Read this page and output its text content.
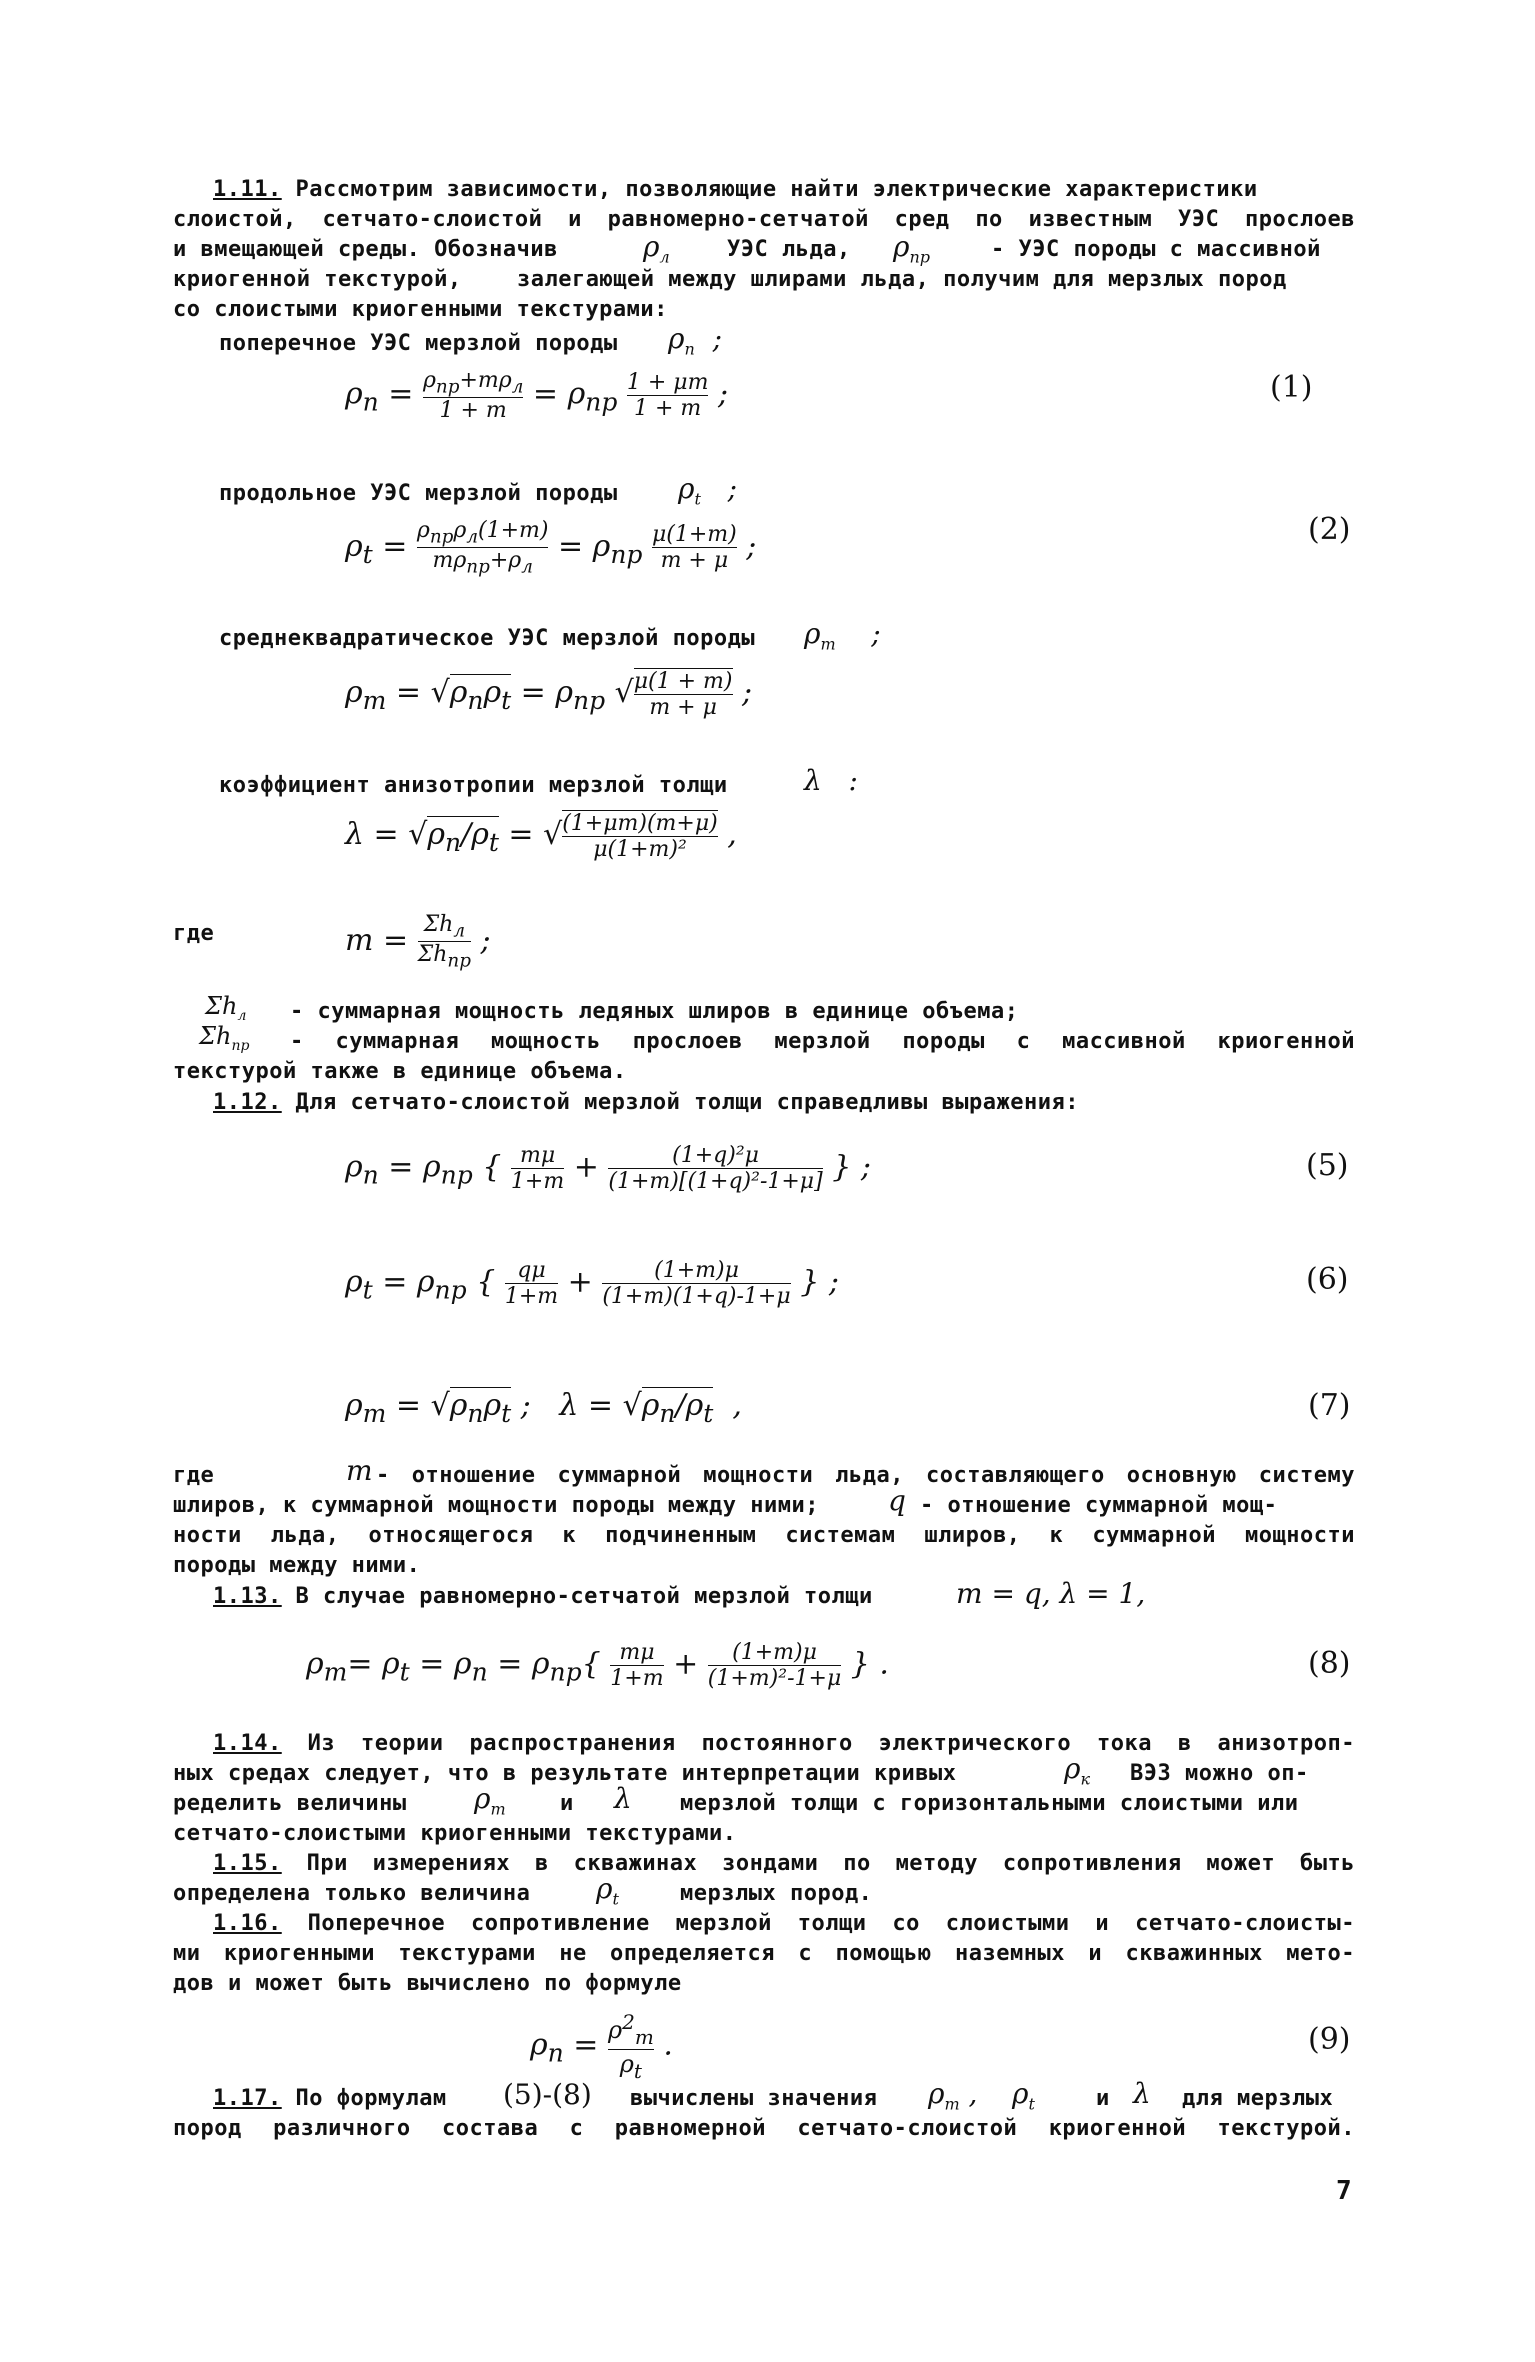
1.11. Рассмотрим зависимости, позволяющие найти электрические характеристики
слоистой, сетчато-слоистой и равномерно-сетчатой сред по известным УЭС прослоев
и вмещающей среды. Обозначив	$\rho_л$	УЭС льда, $\rho_{пр}$	- УЭС породы с массивной
криогенной текстурой,	залегающей между шлирами льда, получим для мерзлых пород
со слоистыми криогенными текстурами:
поперечное УЭС мерзлой породы $\rho_n$  ;
$\rho_n = \rho_{пр}+m\rho_л$
$1 + m = \rho_{пр} \frac{1 + \mu m}{1 + m}$ ;	(1)
продольное УЭС мерзлой породы $\rho_t$   ;
$\rho_t = \rho_{пр}\rho_л(1+m)$
$m\rho_{пр}+\rho_л$
= $\rho_{пр} \frac{\mu(1+m)}{m + \mu}$ ;	(2)
среднеквадратическое УЭС мерзлой породы $\rho_m$    ;
$\rho_m = √\rho_n\rho_t = \rho_{пр}$ √ $\frac{\mu(1 + m)}{m + \mu}$ ;
коэффициент анизотропии мерзлой толщи	λ   :
$\lambda = √\rho_n/\rho_t$ = √ $\frac{(1+\mu m)(m+\mu)}{\text{μ(1+m)²}}$ ,
где	$m = \Sigma h_л$
$\Sigma h_{пр}$
;
$\Sigma h_л$ - суммарная мощность ледяных шлиров в единице объема;
$\Sigma h_{пр}$ - суммарная мощность прослоев мерзлой породы с массивной криогенной
текстурой также в единице объема.
1.12. Для сетчато-слоистой мерзлой толщи справедливы выражения:
$\rho_n = \rho_{пр}$ { $\frac{m\mu}{1+m} + \frac{\text{(1+q)²μ}}{\text{(1+m)[(1+q)²-1+μ]}}$ } ;	(5)
$\rho_t = \rho_{пр}$ { $\frac{q\mu}{1+m} + \frac{(1+m)\mu}{(1+m)(1+q)-1+\mu}$ } ;	(6)
$\rho_m = √\rho_n\rho_t$ ;   $\lambda = √\rho_n/\rho_t$  ,	(7)
где	m - отношение суммарной мощности льда, составляющего основную систему
шлиров, к суммарной мощности породы между ними; q - отношение суммарной мощ-
ности льда, относящегося к подчиненным системам шлиров, к суммарной мощности
породы между ними.
1.13. В случае равномерно-сетчатой мерзлой толщи	m = q, λ = 1,
$\rho_m= \rho_t = \rho_n = \rho_{пр}\{ \frac{m\mu}{1+m} + \frac{(1+m)\mu}{\text{(1+m)²-1+μ}}$ } .	(8)
1.14. Из теории распространения постоянного электрического тока в анизотроп-
ных средах следует, что в результате интерпретации кривых	$\rho_к$ ВЭЗ можно оп-
ределить величины $\rho_m$ и λ мерзлой толщи с горизонтальными слоистыми или
сетчато-слоистыми криогенными текстурами.
1.15. При измерениях в скважинах зондами по методу сопротивления может быть
определена только величина $\rho_t$	мерзлых пород.
1.16. Поперечное сопротивление мерзлой толщи со слоистыми и сетчато-слоисты-
ми криогенными текстурами не определяется с помощью наземных и скважинных мето-
дов и может быть вычислено по формуле
$\rho_n = \frac{\rho^2_m}{\rho_t}$ .	(9)
1.17. По формулам (5)-(8) вычислены значения $\rho_m$ , $\rho_t$	и λ для мерзлых
пород различного состава с равномерной сетчато-слоистой криогенной текстурой.
7
